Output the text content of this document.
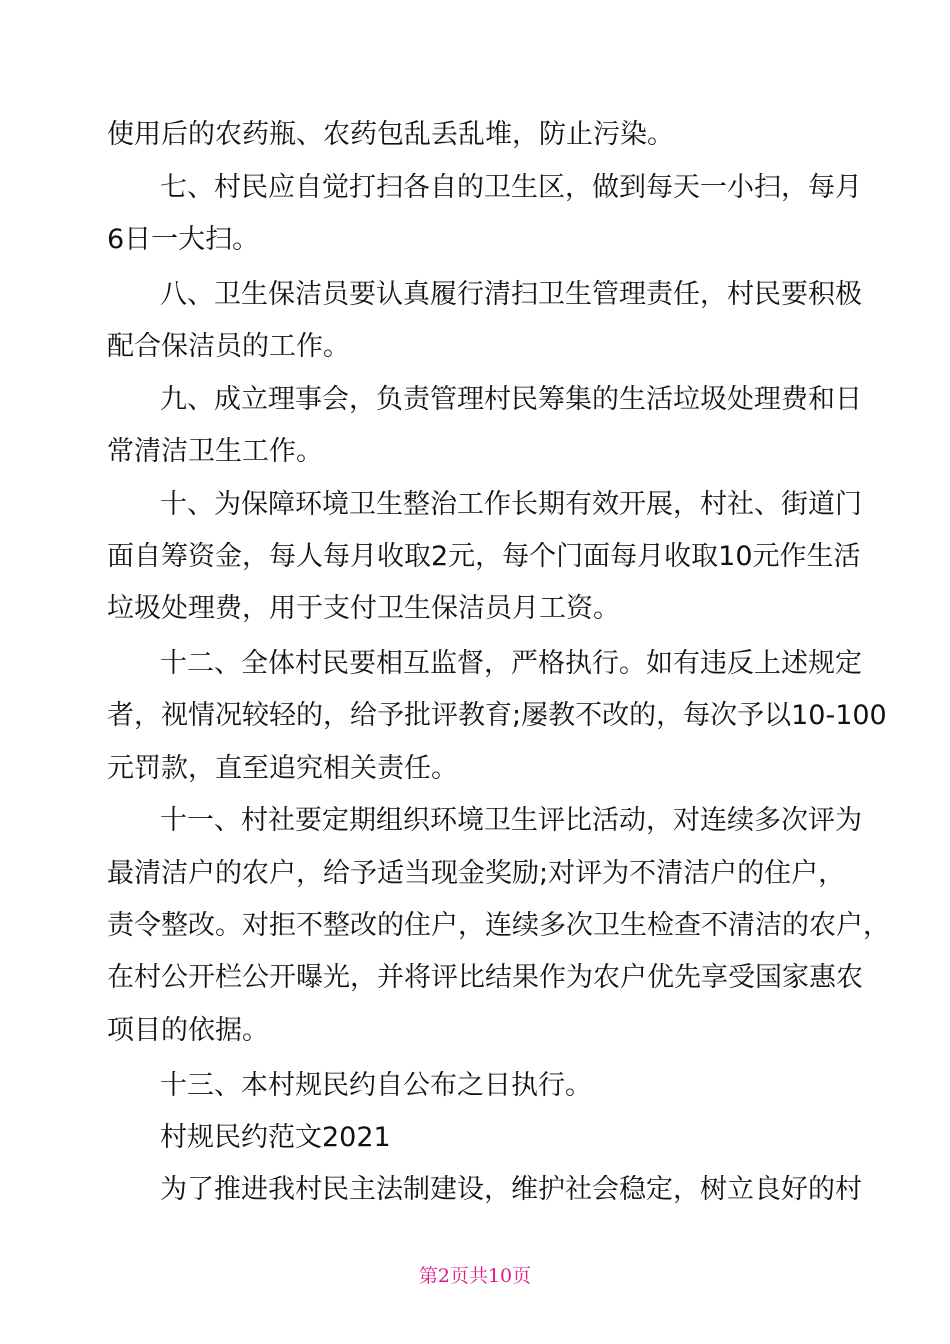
使用后的农药瓶、农药包乱丢乱堆，防止污染。
七、村民应自觉打扫各自的卫生区，做到每天一小扫，每月
6日一大扫。
八、卫生保洁员要认真履行清扫卫生管理责任，村民要积极
配合保洁员的工作。
九、成立理事会，负责管理村民筹集的生活垃圾处理费和日
常清洁卫生工作。
十、为保障环境卫生整治工作长期有效开展，村社、街道门
面自筹资金，每人每月收取2元，每个门面每月收取10元作生活
垃圾处理费，用于支付卫生保洁员月工资。
十二、全体村民要相互监督，严格执行。如有违反上述规定
者，视情况较轻的，给予批评教育;屡教不改的，每次予以10-100
元罚款，直至追究相关责任。
十一、村社要定期组织环境卫生评比活动，对连续多次评为
最清洁户的农户，给予适当现金奖励;对评为不清洁户的住户，
责令整改。对拒不整改的住户，连续多次卫生检查不清洁的农户，
在村公开栏公开曝光，并将评比结果作为农户优先享受国家惠农
项目的依据。
十三、本村规民约自公布之日执行。
村规民约范文2021
为了推进我村民主法制建设，维护社会稳定，树立良好的村
第2页共10页
